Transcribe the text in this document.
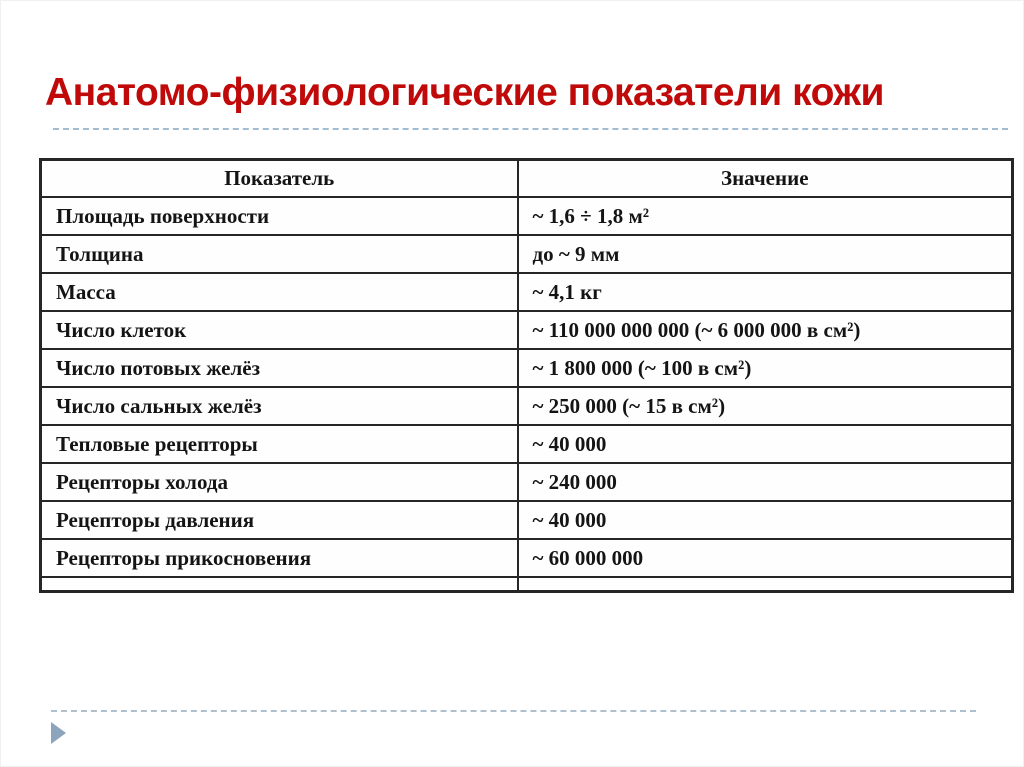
Анатомо-физиологические показатели кожи
Показатель	Значение
Площадь поверхности	~ 1,6 ÷ 1,8 м²
Толщина	до ~ 9 мм
Масса	~ 4,1 кг
Число клеток	~ 110 000 000 000 (~ 6 000 000 в см²)
Число потовых желёз	~ 1 800 000 (~ 100 в см²)
Число сальных желёз	~ 250 000 (~ 15 в см²)
Тепловые рецепторы	~ 40 000
Рецепторы холода	~ 240 000
Рецепторы давления	~ 40 000
Рецепторы прикосновения	~ 60 000 000
